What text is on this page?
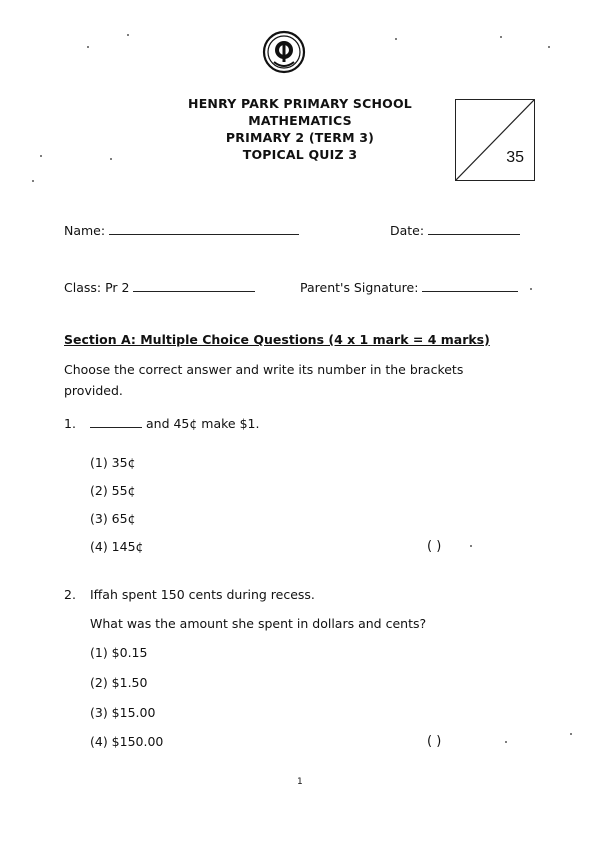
HENRY PARK PRIMARY SCHOOL
MATHEMATICS
PRIMARY 2 (TERM 3)
TOPICAL QUIZ 3	35
Name:	Date:
Class: Pr 2	Parent's Signature:
Section A: Multiple Choice Questions (4 x 1 mark = 4 marks)
Choose the correct answer and write its number in the brackets
provided.
1.	and 45¢ make $1.
(1) 35¢
(2) 55¢
(3) 65¢
(4) 145¢	( )
2. Iffah spent 150 cents during recess.
What was the amount she spent in dollars and cents?
(1) $0.15
(2) $1.50
(3) $15.00
(4) $150.00	( )
1
